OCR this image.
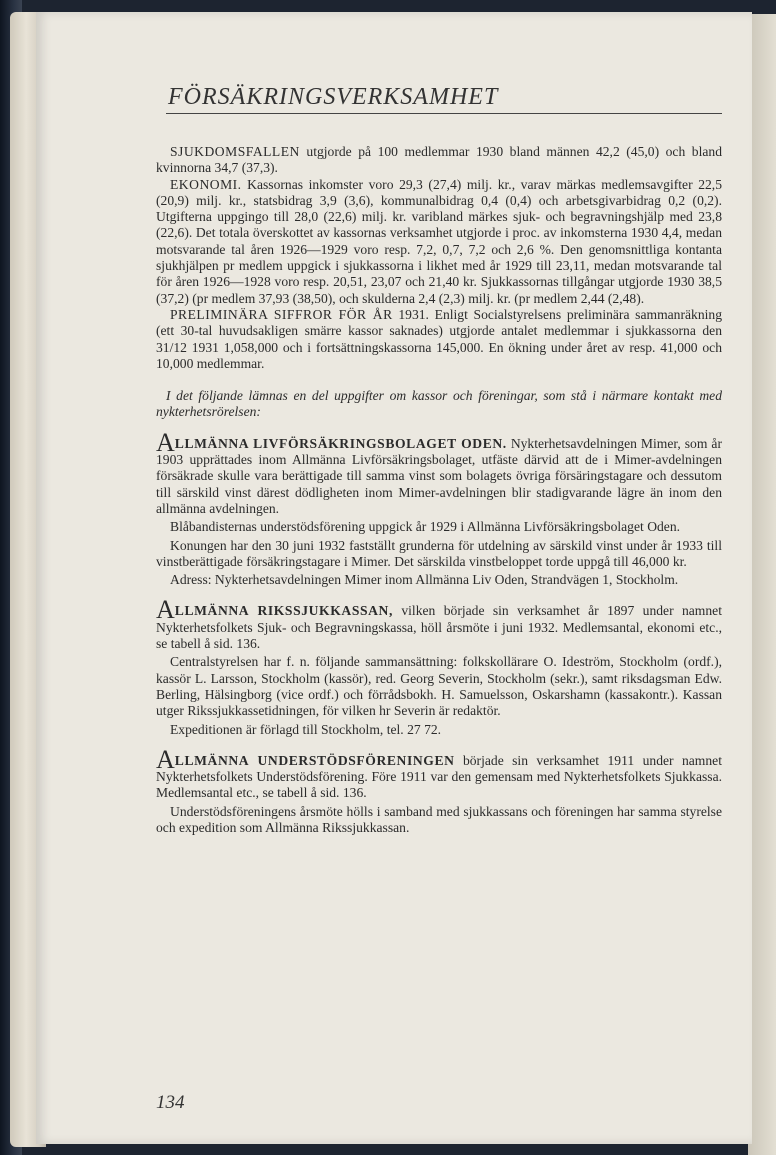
FÖRSÄKRINGSVERKSAMHET

SJUKDOMSFALLEN utgjorde på 100 medlemmar 1930 bland männen 42,2 (45,0) och bland kvinnorna 34,7 (37,3).

EKONOMI. Kassornas inkomster voro 29,3 (27,4) milj. kr., varav märkas medlemsavgifter 22,5 (20,9) milj. kr., statsbidrag 3,9 (3,6), kommunalbidrag 0,4 (0,4) och arbetsgivarbidrag 0,2 (0,2). Utgifterna uppgingo till 28,0 (22,6) milj. kr. varibland märkes sjuk- och begravningshjälp med 23,8 (22,6). Det totala överskottet av kassornas verksamhet utgjorde i proc. av inkomsterna 1930 4,4, medan motsvarande tal åren 1926—1929 voro resp. 7,2, 0,7, 7,2 och 2,6 %. Den genomsnittliga kontanta sjukhjälpen pr medlem uppgick i sjukkassorna i likhet med år 1929 till 23,11, medan motsvarande tal för åren 1926—1928 voro resp. 20,51, 23,07 och 21,40 kr. Sjukkassornas tillgångar utgjorde 1930 38,5 (37,2) (pr medlem 37,93 (38,50), och skulderna 2,4 (2,3) milj. kr. (pr medlem 2,44 (2,48).

PRELIMINÄRA SIFFROR FÖR ÅR 1931. Enligt Socialstyrelsens preliminära sammanräkning (ett 30-tal huvudsakligen smärre kassor saknades) utgjorde antalet medlemmar i sjukkassorna den 31/12 1931 1,058,000 och i fortsättningskassorna 145,000. En ökning under året av resp. 41,000 och 10,000 medlemmar.

I det följande lämnas en del uppgifter om kassor och föreningar, som stå i närmare kontakt med nykterhetsrörelsen:

ALLMÄNNA LIVFÖRSÄKRINGSBOLAGET ODEN. Nykterhetsavdelningen Mimer, som år 1903 upprättades inom Allmänna Livförsäkringsbolaget, utfäste därvid att de i Mimer-avdelningen försäkrade skulle vara berättigade till samma vinst som bolagets övriga försäringstagare och dessutom till särskild vinst därest dödligheten inom Mimer-avdelningen blir stadigvarande lägre än inom den allmänna avdelningen.

Blåbandisternas understödsförening uppgick år 1929 i Allmänna Livförsäkringsbolaget Oden.

Konungen har den 30 juni 1932 fastställt grunderna för utdelning av särskild vinst under år 1933 till vinstberättigade försäkringstagare i Mimer. Det särskilda vinstbeloppet torde uppgå till 46,000 kr.

Adress: Nykterhetsavdelningen Mimer inom Allmänna Liv Oden, Strandvägen 1, Stockholm.

ALLMÄNNA RIKSSJUKKASSAN, vilken började sin verksamhet år 1897 under namnet Nykterhetsfolkets Sjuk- och Begravningskassa, höll årsmöte i juni 1932. Medlemsantal, ekonomi etc., se tabell å sid. 136.

Centralstyrelsen har f. n. följande sammansättning: folkskollärare O. Ideström, Stockholm (ordf.), kassör L. Larsson, Stockholm (kassör), red. Georg Severin, Stockholm (sekr.), samt riksdagsman Edw. Berling, Hälsingborg (vice ordf.) och förrådsbokh. H. Samuelsson, Oskarshamn (kassakontr.). Kassan utger Rikssjukkassetidningen, för vilken hr Severin är redaktör.

Expeditionen är förlagd till Stockholm, tel. 27 72.

ALLMÄNNA UNDERSTÖDSFÖRENINGEN började sin verksamhet 1911 under namnet Nykterhetsfolkets Understödsförening. Före 1911 var den gemensam med Nykterhetsfolkets Sjukkassa. Medlemsantal etc., se tabell å sid. 136.

Understödsföreningens årsmöte hölls i samband med sjukkassans och föreningen har samma styrelse och expedition som Allmänna Rikssjukkassan.

134
